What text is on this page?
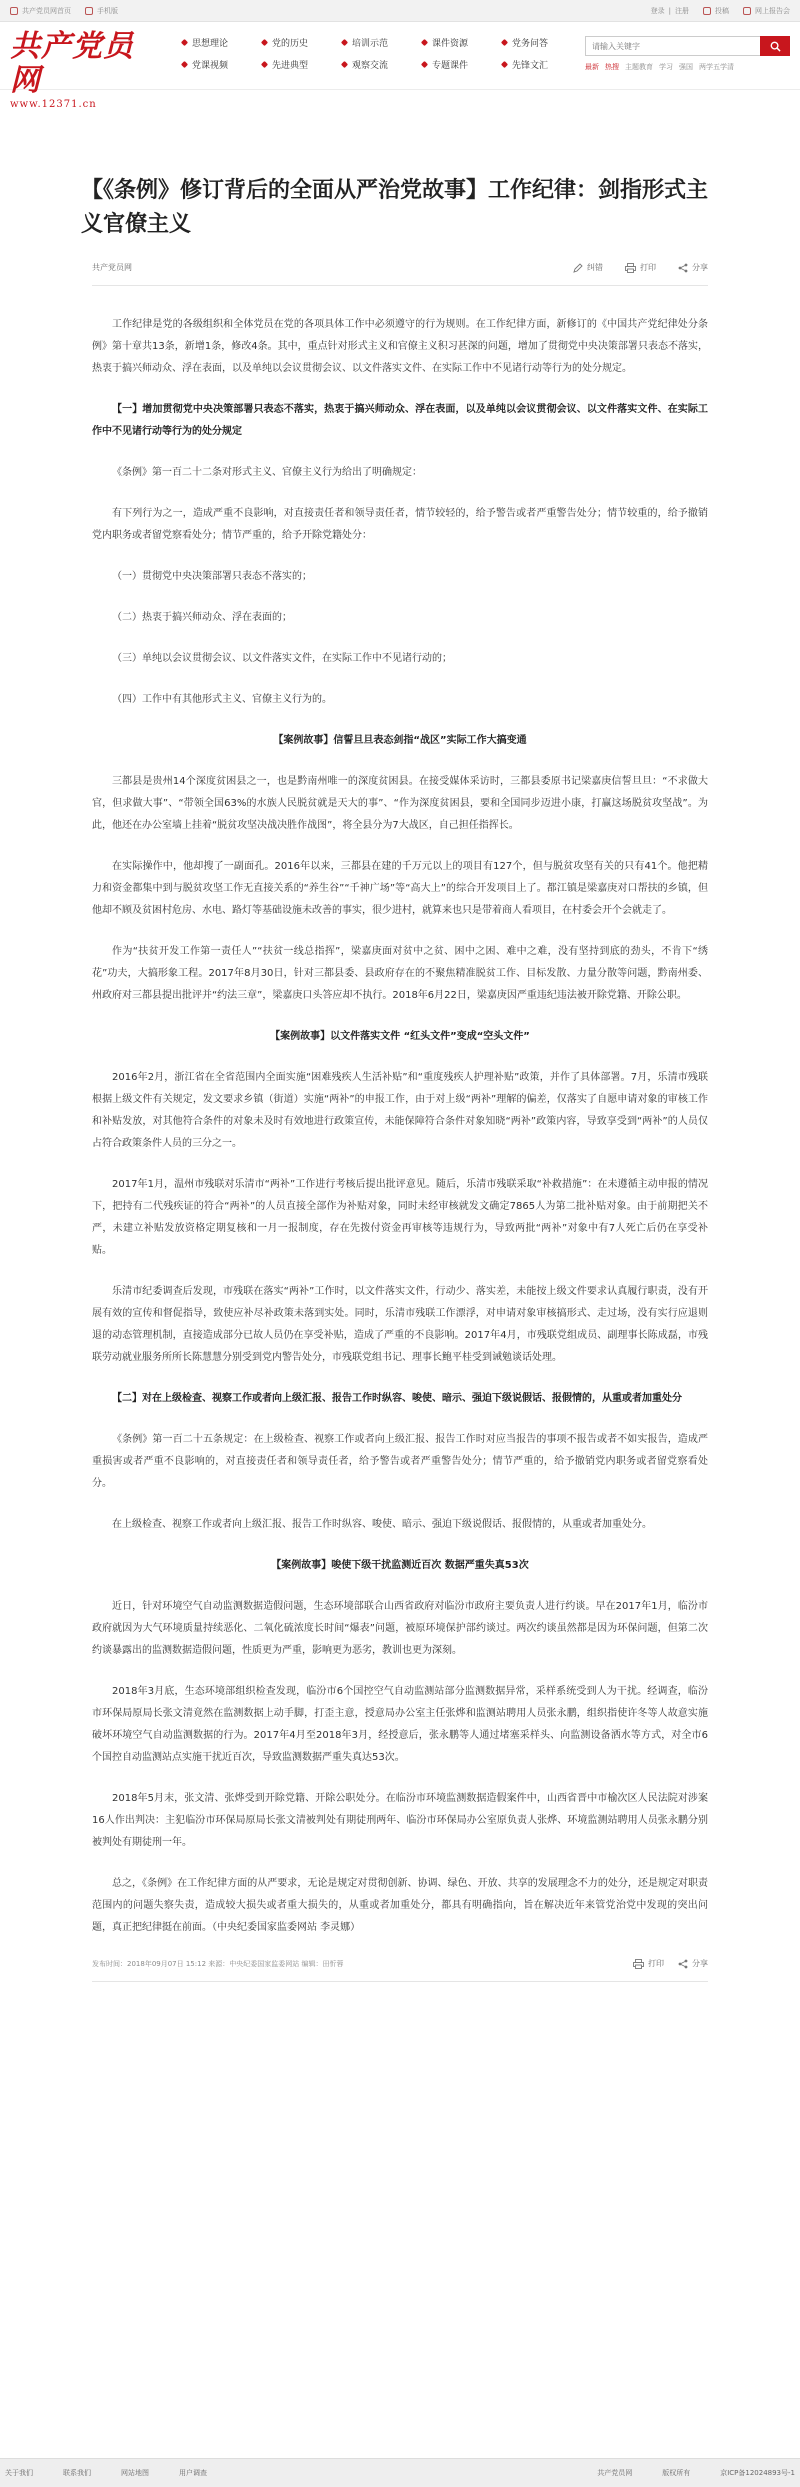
共产党员网首页	手机版	登录 | 注册	投稿	网上报告会
共产党员网
www.12371.cn
思想理论	党的历史	培训示范	课件资源	党务问答
党课视频	先进典型	观察交流	专题课件	先锋文汇
请输入关键字	最新 热搜 主题教育 学习 强国 两学五学清
【《条例》修订背后的全面从严治党故事】工作纪律：剑指形式主义官僚主义
共产党员网	纠错	打印	分享

工作纪律是党的各级组织和全体党员在党的各项具体工作中必须遵守的行为规则。在工作纪律方面，新修订的《中国共产党纪律处分条例》第十章共13条，新增1条，修改4条。其中，重点针对形式主义和官僚主义积习甚深的问题，增加了贯彻党中央决策部署只表态不落实，热衷于搞兴师动众、浮在表面，以及单纯以会议贯彻会议、以文件落实文件、在实际工作中不见诸行动等行为的处分规定。

【一】增加贯彻党中央决策部署只表态不落实，热衷于搞兴师动众、浮在表面，以及单纯以会议贯彻会议、以文件落实文件、在实际工作中不见诸行动等行为的处分规定

《条例》第一百二十二条对形式主义、官僚主义行为给出了明确规定：

有下列行为之一，造成严重不良影响，对直接责任者和领导责任者，情节较轻的，给予警告或者严重警告处分；情节较重的，给予撤销党内职务或者留党察看处分；情节严重的，给予开除党籍处分：

（一）贯彻党中央决策部署只表态不落实的；

（二）热衷于搞兴师动众、浮在表面的；

（三）单纯以会议贯彻会议、以文件落实文件，在实际工作中不见诸行动的；

（四）工作中有其他形式主义、官僚主义行为的。

【案例故事】信誓旦旦表态剑指“战区”实际工作大搞变通

三都县是贵州14个深度贫困县之一，也是黔南州唯一的深度贫困县。在接受媒体采访时，三都县委原书记梁嘉庚信誓旦旦：“不求做大官，但求做大事”、“带领全国63%的水族人民脱贫就是天大的事”、“作为深度贫困县，要和全国同步迈进小康，打赢这场脱贫攻坚战”。为此，他还在办公室墙上挂着“脱贫攻坚决战决胜作战图”，将全县分为7大战区，自己担任指挥长。

在实际操作中，他却搜了一副面孔。2016年以来，三都县在建的千万元以上的项目有127个，但与脱贫攻坚有关的只有41个。他把精力和资金都集中到与脱贫攻坚工作无直接关系的“养生谷”“千神广场”等“高大上”的综合开发项目上了。都江镇是梁嘉庚对口帮扶的乡镇，但他却不顾及贫困村危房、水电、路灯等基础设施未改善的事实，很少进村，就算来也只是带着商人看项目，在村委会开个会就走了。

作为“扶贫开发工作第一责任人”“扶贫一线总指挥”，梁嘉庚面对贫中之贫、困中之困、难中之难，没有坚持到底的劲头，不肯下“绣花”功夫，大搞形象工程。2017年8月30日，针对三都县委、县政府存在的不聚焦精准脱贫工作、目标发散、力量分散等问题，黔南州委、州政府对三都县提出批评并“约法三章”，梁嘉庚口头答应却不执行。2018年6月22日，梁嘉庚因严重违纪违法被开除党籍、开除公职。

【案例故事】以文件落实文件 “红头文件”变成“空头文件”

2016年2月，浙江省在全省范围内全面实施“困难残疾人生活补贴”和“重度残疾人护理补贴”政策，并作了具体部署。7月，乐清市残联根据上级文件有关规定，发文要求乡镇（街道）实施“两补”的申报工作，由于对上级“两补”理解的偏差，仅落实了自愿申请对象的审核工作和补贴发放，对其他符合条件的对象未及时有效地进行政策宣传，未能保障符合条件对象知晓“两补”政策内容，导致享受到“两补”的人员仅占符合政策条件人员的三分之一。

2017年1月，温州市残联对乐清市“两补”工作进行考核后提出批评意见。随后，乐清市残联采取“补救措施”：在未遵循主动申报的情况下，把持有二代残疾证的符合“两补”的人员直接全部作为补贴对象，同时未经审核就发文确定7865人为第二批补贴对象。由于前期把关不严，未建立补贴发放资格定期复核和一月一报制度，存在先拨付资金再审核等违规行为，导致两批“两补”对象中有7人死亡后仍在享受补贴。

乐清市纪委调查后发现，市残联在落实“两补”工作时，以文件落实文件，行动少、落实差，未能按上级文件要求认真履行职责，没有开展有效的宣传和督促指导，致使应补尽补政策未落到实处。同时，乐清市残联工作漂浮，对申请对象审核搞形式、走过场，没有实行应退则退的动态管理机制，直接造成部分已故人员仍在享受补贴，造成了严重的不良影响。2017年4月，市残联党组成员、副理事长陈成磊，市残联劳动就业服务所所长陈慧慧分别受到党内警告处分，市残联党组书记、理事长鲍平桂受到诫勉谈话处理。

【二】对在上级检查、视察工作或者向上级汇报、报告工作时纵容、唆使、暗示、强迫下级说假话、报假情的，从重或者加重处分

《条例》第一百二十五条规定：在上级检查、视察工作或者向上级汇报、报告工作时对应当报告的事项不报告或者不如实报告，造成严重损害或者严重不良影响的，对直接责任者和领导责任者，给予警告或者严重警告处分；情节严重的，给予撤销党内职务或者留党察看处分。

在上级检查、视察工作或者向上级汇报、报告工作时纵容、唆使、暗示、强迫下级说假话、报假情的，从重或者加重处分。

【案例故事】唆使下级干扰监测近百次 数据严重失真53次

近日，针对环境空气自动监测数据造假问题，生态环境部联合山西省政府对临汾市政府主要负责人进行约谈。早在2017年1月，临汾市政府就因为大气环境质量持续恶化、二氧化硫浓度长时间“爆表”问题，被原环境保护部约谈过。两次约谈虽然都是因为环保问题，但第二次约谈暴露出的监测数据造假问题，性质更为严重，影响更为恶劣，教训也更为深刻。

2018年3月底，生态环境部组织检查发现，临汾市6个国控空气自动监测站部分监测数据异常，采样系统受到人为干扰。经调查，临汾市环保局原局长张文清竟然在监测数据上动手脚，打歪主意，授意局办公室主任张烨和监测站聘用人员张永鹏，组织指使许冬等人故意实施破坏环境空气自动监测数据的行为。2017年4月至2018年3月，经授意后，张永鹏等人通过堵塞采样头、向监测设备洒水等方式，对全市6个国控自动监测站点实施干扰近百次，导致监测数据严重失真达53次。

2018年5月末，张文清、张烨受到开除党籍、开除公职处分。在临汾市环境监测数据造假案件中，山西省晋中市榆次区人民法院对涉案16人作出判决：主犯临汾市环保局原局长张文清被判处有期徒刑两年、临汾市环保局办公室原负责人张烨、环境监测站聘用人员张永鹏分别被判处有期徒刑一年。

总之，《条例》在工作纪律方面的从严要求，无论是规定对贯彻创新、协调、绿色、开放、共享的发展理念不力的处分，还是规定对职责范围内的问题失察失责，造成较大损失或者重大损失的，从重或者加重处分，都具有明确指向，旨在解决近年来管党治党中发现的突出问题，真正把纪律挺在前面。（中央纪委国家监委网站 李灵娜）

发布时间：2018年09月07日 15:12 来源：中央纪委国家监委网站 编辑：田忻蓉	打印	分享
关于我们	联系我们	网站地图	用户调查	共产党员网	版权所有	京ICP备12024893号-1
